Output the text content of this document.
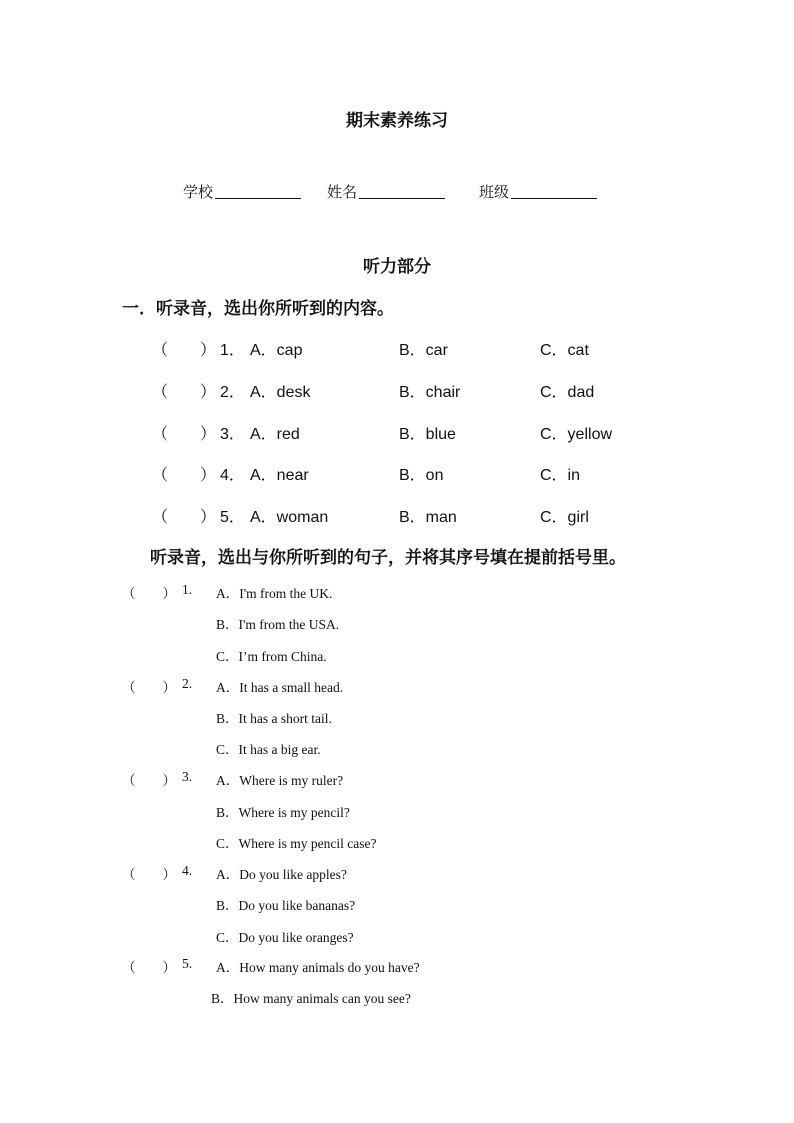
期末素养练习
学校	姓名	班级
听力部分
一．听录音，选出你所听到的内容。
（　　） 1． A．cap	B．car	C．cat
（　　） 2． A．desk	B．chair	C．dad
（　　） 3． A．red	B．blue	C．yellow
（　　） 4． A．near	B．on	C．in
（　　） 5． A．woman	B．man	C．girl
听录音，选出与你所听到的句子，并将其序号填在提前括号里。
（　　） 1. A．I'm from the UK.
B．I'm from the USA.
C．I’m from China.
（　　） 2. A．It has a small head.
B．It has a short tail.
C．It has a big ear.
（　　） 3. A．Where is my ruler?
B．Where is my pencil?
C．Where is my pencil case?
（　　） 4. A．Do you like apples?
B．Do you like bananas?
C．Do you like oranges?
（　　） 5. A．How many animals do you have?
B．How many animals can you see?
